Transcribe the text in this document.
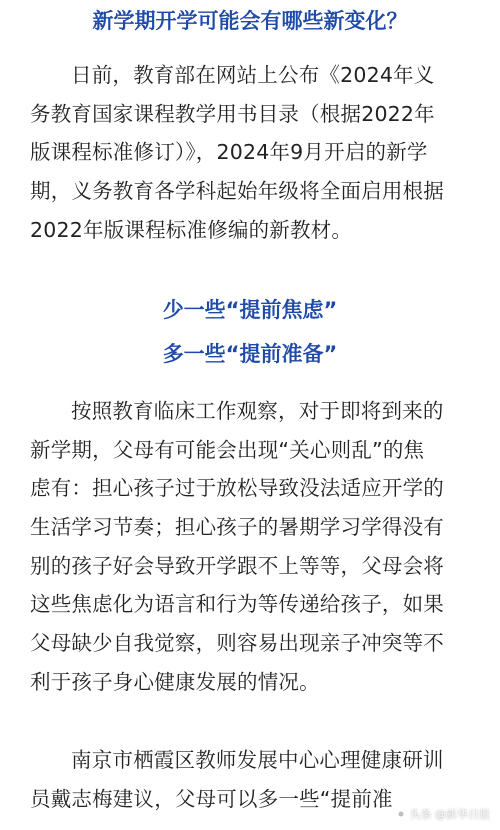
新学期开学可能会有哪些新变化？
日前，教育部在网站上公布《2024年义
务教育国家课程教学用书目录（根据2022年
版课程标准修订）》，2024年9月开启的新学
期，义务教育各学科起始年级将全面启用根据
2022年版课程标准修编的新教材。
少一些“提前焦虑”
多一些“提前准备”
按照教育临床工作观察，对于即将到来的
新学期，父母有可能会出现“关心则乱”的焦
虑有：担心孩子过于放松导致没法适应开学的
生活学习节奏；担心孩子的暑期学习学得没有
别的孩子好会导致开学跟不上等等，父母会将
这些焦虑化为语言和行为等传递给孩子，如果
父母缺少自我觉察，则容易出现亲子冲突等不
利于孩子身心健康发展的情况。
南京市栖霞区教师发展中心心理健康研训
员戴志梅建议，父母可以多一些“提前准
头条 @新华日报
